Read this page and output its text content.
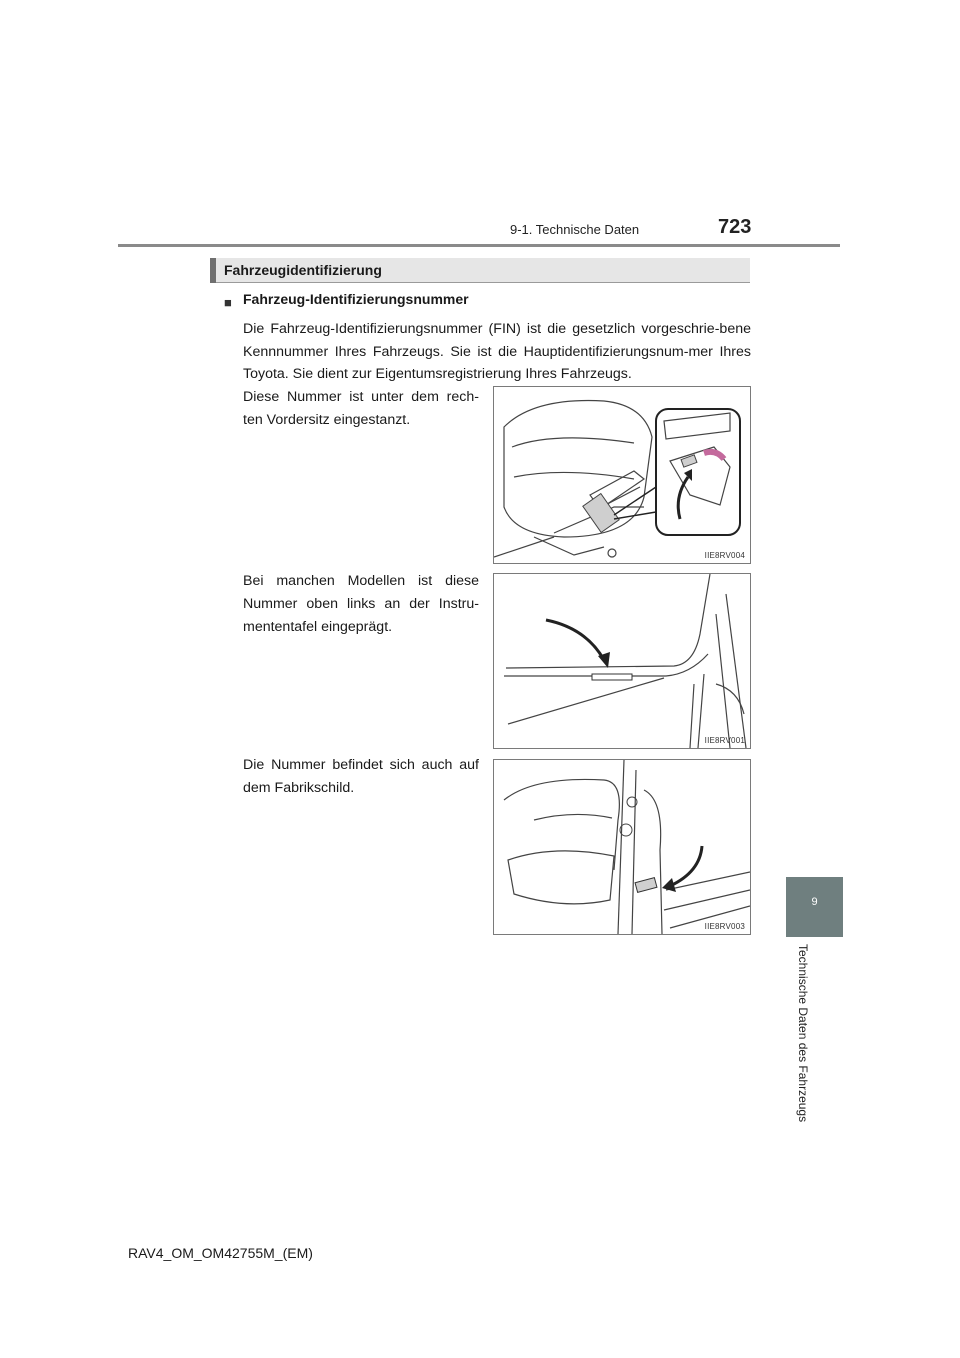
9-1. Technische Daten	723
Fahrzeugidentifizierung
■ Fahrzeug-Identifizierungsnummer
Die Fahrzeug-Identifizierungsnummer (FIN) ist die gesetzlich vorgeschrie-bene Kennnummer Ihres Fahrzeugs. Sie ist die Hauptidentifizierungsnum-mer Ihres Toyota. Sie dient zur Eigentumsregistrierung Ihres Fahrzeugs.
Diese Nummer ist unter dem rech-ten Vordersitz eingestanzt.
IIE8RV004
Bei manchen Modellen ist diese Nummer oben links an der Instru-mententafel eingeprägt.
IIE8RV001
Die Nummer befindet sich auch auf dem Fabrikschild.
IIE8RV003
9
Technische Daten des Fahrzeugs
RAV4_OM_OM42755M_(EM)
